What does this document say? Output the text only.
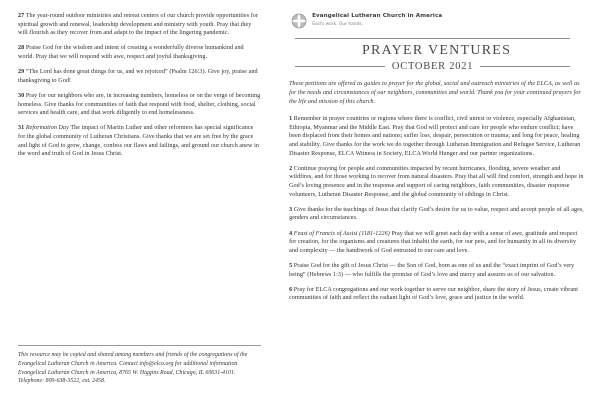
27 The year-round outdoor ministries and retreat centers of our church provide opportunities for spiritual growth and renewal, leadership development and ministry with youth. Pray that they will flourish as they recover from and adapt to the impact of the lingering pandemic.

28 Praise God for the wisdom and intent of creating a wonderfully diverse humankind and world. Pray that we will respond with awe, respect and joyful thanksgiving.

29 “The Lord has done great things for us, and we rejoiced” (Psalm 126:3). Give joy, praise and thanksgiving to God!

30 Pray for our neighbors who are, in increasing numbers, homeless or on the verge of becoming homeless. Give thanks for communities of faith that respond with food, shelter, clothing, social services and health care, and that work diligently to end homelessness.

31 Reformation Day The impact of Martin Luther and other reformers has special significance for the global community of Lutheran Christians. Give thanks that we are set free by the grace and light of God to grow, change, confess our flaws and failings, and ground our church anew in the word and truth of God in Jesus Christ.

This resource may be copied and shared among members and friends of the congregations of the Evangelical Lutheran Church in America. Contact info@elca.org for additional information. Evangelical Lutheran Church in America, 8765 W. Higgins Road, Chicago, IL 60631-4101. Telephone: 800-638-3522, ext. 2458.

Evangelical Lutheran Church in America
God's work. Our hands.
PRAYER VENTURES
OCTOBER 2021

These petitions are offered as guides to prayer for the global, social and outreach ministries of the ELCA, as well as for the needs and circumstances of our neighbors, communities and world. Thank you for your continued prayers for the life and mission of this church.

1 Remember in prayer countries or regions where there is conflict, civil unrest or violence, especially Afghanistan, Ethiopia, Myanmar and the Middle East. Pray that God will protect and care for people who endure conflict; have been displaced from their homes and nations; suffer loss, despair, persecution or trauma; and long for peace, healing and stability. Give thanks for the work we do together through Lutheran Immigration and Refugee Service, Lutheran Disaster Response, ELCA Witness in Society, ELCA World Hunger and our partner organizations.

2 Continue praying for people and communities impacted by recent hurricanes, flooding, severe weather and wildfires, and for those working to recover from natural disasters. Pray that all will find comfort, strength and hope in God’s loving presence and in the response and support of caring neighbors, faith communities, disaster response volunteers, Lutheran Disaster Response, and the global community of siblings in Christ.

3 Give thanks for the teachings of Jesus that clarify God’s desire for us to value, respect and accept people of all ages, genders and circumstances.

4 Feast of Francis of Assisi (1181-1226) Pray that we will greet each day with a sense of awe, gratitude and respect for creation, for the organisms and creatures that inhabit the earth, for our pets, and for humanity in all its diversity and complexity — the handiwork of God entrusted to our care and love.

5 Praise God for the gift of Jesus Christ — the Son of God, born as one of us and the “exact imprint of God’s very being” (Hebrews 1:3) — who fulfills the promise of God’s love and mercy and assures us of our salvation.

6 Pray for ELCA congregations and our work together to serve our neighbor, share the story of Jesus, create vibrant communities of faith and reflect the radiant light of God’s love, grace and justice in the world.
